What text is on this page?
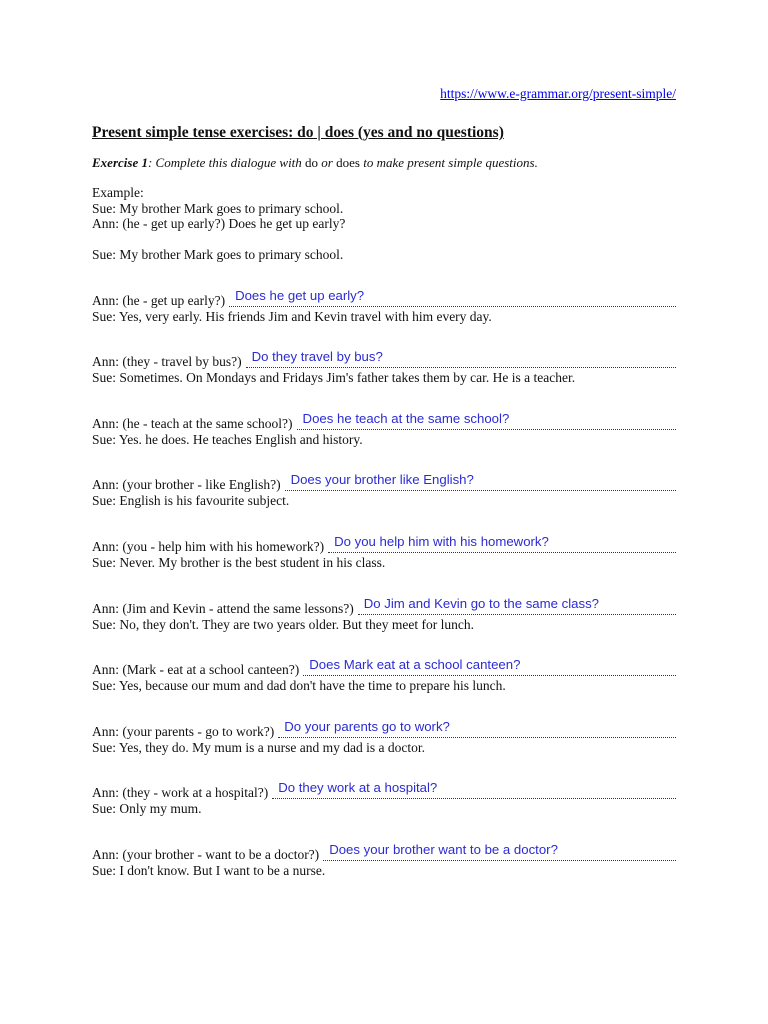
https://www.e-grammar.org/present-simple/
Present simple tense exercises: do | does (yes and no questions)
Exercise 1: Complete this dialogue with do or does to make present simple questions.
Example:
Sue: My brother Mark goes to primary school.
Ann: (he - get up early?) Does he get up early?
Sue: My brother Mark goes to primary school.
Ann: (he - get up early?) Does he get up early?
Sue: Yes, very early. His friends Jim and Kevin travel with him every day.
Ann: (they - travel by bus?) Do they travel by bus?
Sue: Sometimes. On Mondays and Fridays Jim's father takes them by car. He is a teacher.
Ann: (he - teach at the same school?) Does he teach at the same school?
Sue: Yes. he does. He teaches English and history.
Ann: (your brother - like English?) Does your brother like English?
Sue: English is his favourite subject.
Ann: (you - help him with his homework?) Do you help him with his homework?
Sue: Never. My brother is the best student in his class.
Ann: (Jim and Kevin - attend the same lessons?) Do Jim and Kevin go to the same class?
Sue: No, they don't. They are two years older. But they meet for lunch.
Ann: (Mark - eat at a school canteen?) Does Mark eat at a school canteen?
Sue: Yes, because our mum and dad don't have the time to prepare his lunch.
Ann: (your parents - go to work?) Do your parents go to work?
Sue: Yes, they do. My mum is a nurse and my dad is a doctor.
Ann: (they - work at a hospital?) Do they work at a hospital?
Sue: Only my mum.
Ann: (your brother - want to be a doctor?) Does your brother want to be a doctor?
Sue: I don't know. But I want to be a nurse.
